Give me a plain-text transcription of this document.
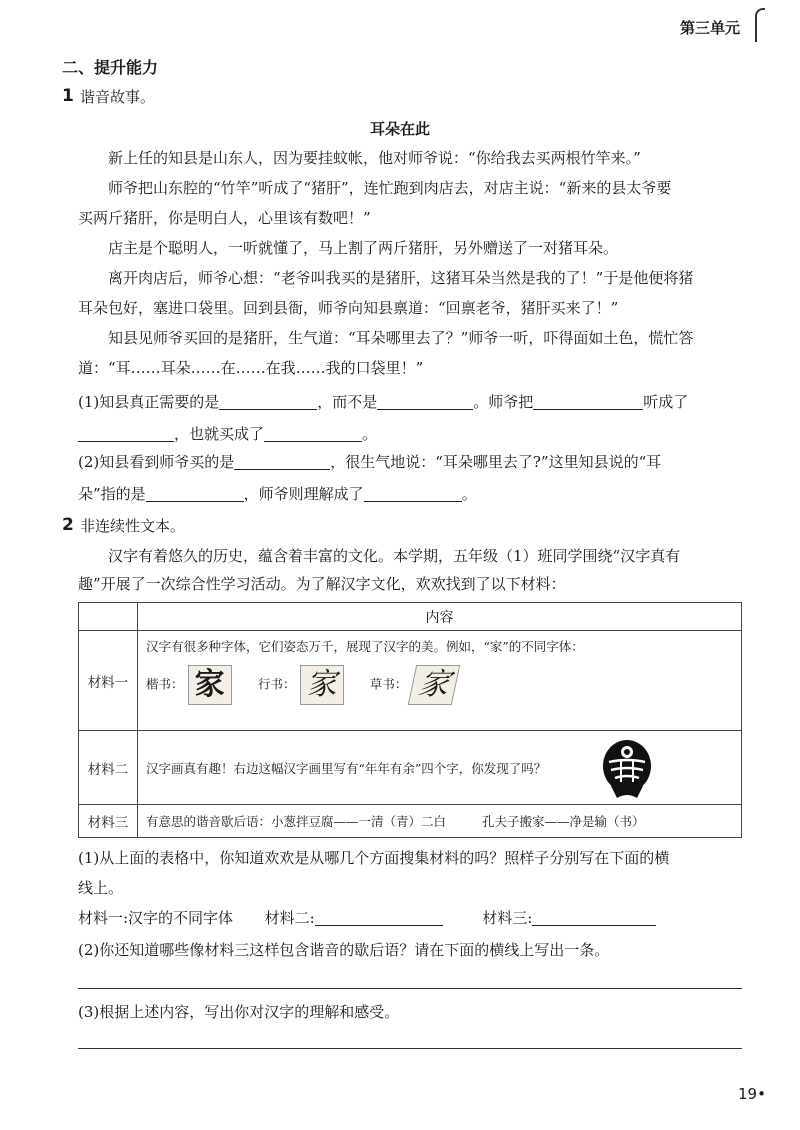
第三单元
二、提升能力
1 谐音故事。
耳朵在此
新上任的知县是山东人，因为要挂蚊帐，他对师爷说：“你给我去买两根竹竿来。”
师爷把山东腔的“竹竿”听成了“猪肝”，连忙跑到肉店去，对店主说：“新来的县太爷要
买两斤猪肝，你是明白人，心里该有数吧！”
店主是个聪明人，一听就懂了，马上割了两斤猪肝，另外赠送了一对猪耳朵。
离开肉店后，师爷心想：“老爷叫我买的是猪肝，这猪耳朵当然是我的了！”于是他便将猪
耳朵包好，塞进口袋里。回到县衙，师爷向知县禀道：“回禀老爷，猪肝买来了！”
知县见师爷买回的是猪肝，生气道：“耳朵哪里去了？”师爷一听，吓得面如土色，慌忙答
道：“耳……耳朵……在……在我……我的口袋里！”
(1)知县真正需要的是	，而不是	。师爷把	听成了
，也就买成了	。
(2)知县看到师爷买的是	，很生气地说：“耳朵哪里去了?”这里知县说的“耳
朵”指的是	，师爷则理解成了	。
2 非连续性文本。
汉字有着悠久的历史，蕴含着丰富的文化。本学期，五年级（1）班同学围绕“汉字真有
趣”开展了一次综合性学习活动。为了解汉字文化，欢欢找到了以下材料：
	内容
材料一	汉字有很多种字体，它们姿态万千，展现了汉字的美。例如，“家”的不同字体：
楷书： 家 行书： 家 草书： 家

材料二	汉字画真有趣！右边这幅汉字画里写有“年年有余”四个字，你发现了吗？

材料三	有意思的谐音歇后语：小葱拌豆腐——一清（青）二白 孔夫子搬家——净是输（书）
(1)从上面的表格中，你知道欢欢是从哪几个方面搜集材料的吗？照样子分别写在下面的横
线上。
材料一:汉字的不同字体 材料二:	材料三:
(2)你还知道哪些像材料三这样包含谐音的歇后语？请在下面的横线上写出一条。
(3)根据上述内容，写出你对汉字的理解和感受。
19•
